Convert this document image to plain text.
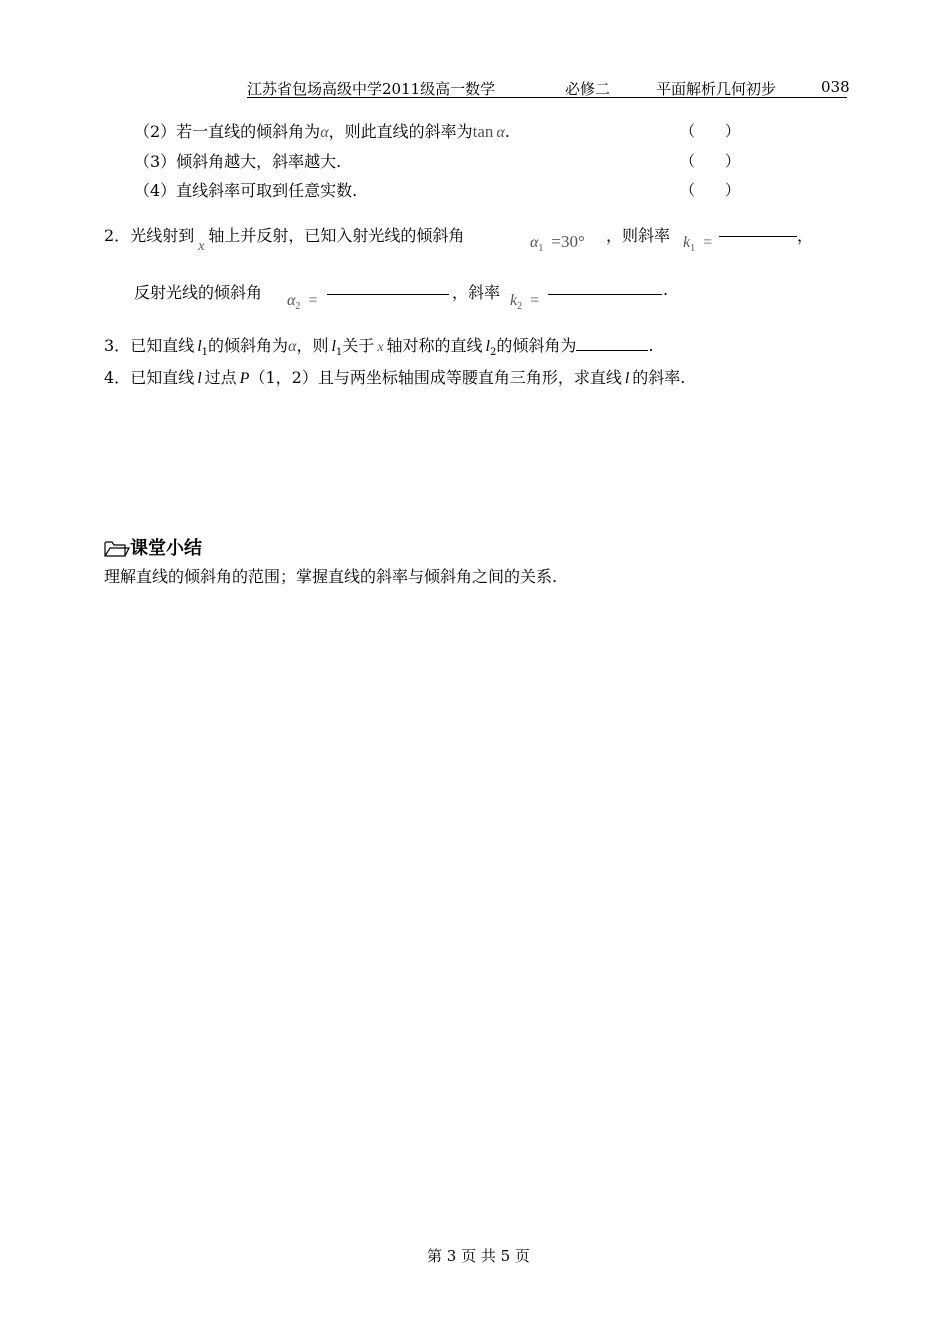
江苏省包场高级中学2011级高一数学	必修二	平面解析几何初步	038
（2）若一直线的倾斜角为α，则此直线的斜率为tan α.	（　　）
（3）倾斜角越大，斜率越大.	（　　）
（4）直线斜率可取到任意实数.	（　　）
2．光线射到x轴上并反射，已知入射光线的倾斜角	$\alpha_1 =30^\circ$ ，则斜率 $k_1$ =	，
反射光线的倾斜角 $\alpha_2$ =	，斜率 $k_2$ =
.
3．已知直线 $l_1$的倾斜角为α，则 $l_1$关于 x 轴对称的直线 $l_2$的倾斜角为	.
4．已知直线 l 过点 P（1，2）且与两坐标轴围成等腰直角三角形，求直线 l 的斜率.
课堂小结
理解直线的倾斜角的范围；掌握直线的斜率与倾斜角之间的关系.
第 3 页 共 5 页
